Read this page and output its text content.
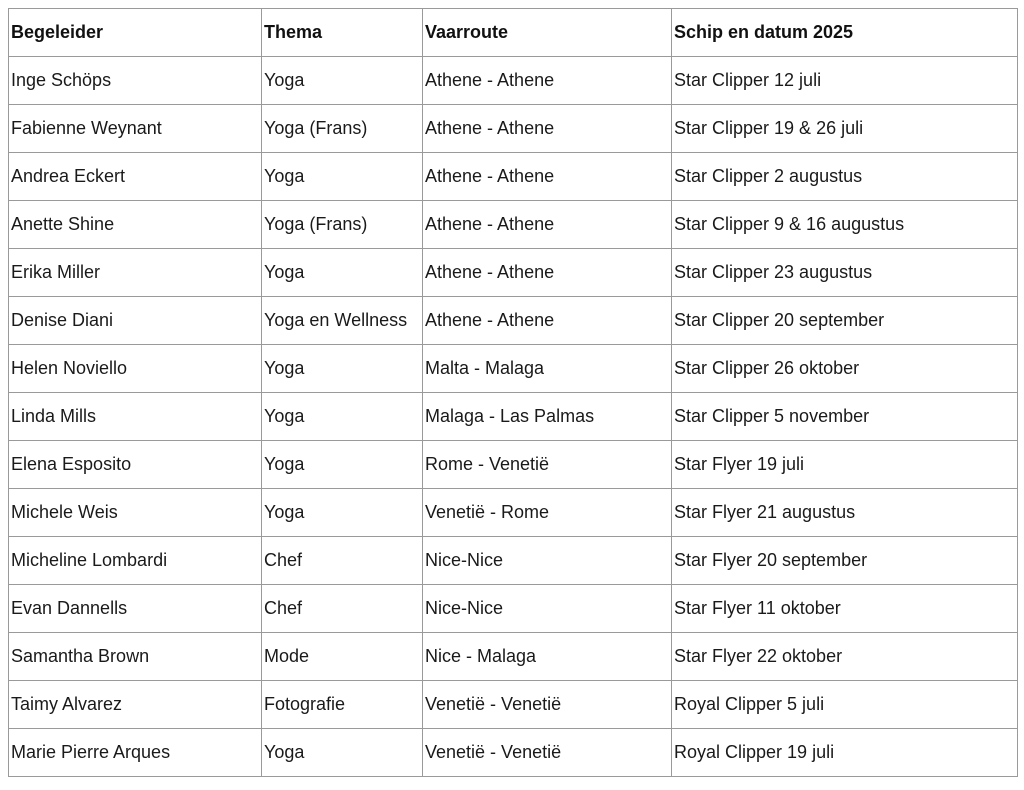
Begeleider	Thema	Vaarroute	Schip en datum 2025
Inge Schöps	Yoga	Athene - Athene	Star Clipper 12 juli
Fabienne Weynant	Yoga (Frans)	Athene - Athene	Star Clipper 19 & 26 juli
Andrea Eckert	Yoga	Athene - Athene	Star Clipper 2 augustus
Anette Shine	Yoga (Frans)	Athene - Athene	Star Clipper 9 & 16 augustus
Erika Miller	Yoga	Athene - Athene	Star Clipper 23 augustus
Denise Diani	Yoga en Wellness	Athene - Athene	Star Clipper 20 september
Helen Noviello	Yoga	Malta - Malaga	Star Clipper 26 oktober
Linda Mills	Yoga	Malaga - Las Palmas	Star Clipper 5 november
Elena Esposito	Yoga	Rome - Venetië	Star Flyer 19 juli
Michele Weis	Yoga	Venetië - Rome	Star Flyer 21 augustus
Micheline Lombardi	Chef	Nice-Nice	Star Flyer 20 september
Evan Dannells	Chef	Nice-Nice	Star Flyer 11 oktober
Samantha Brown	Mode	Nice - Malaga	Star Flyer 22 oktober
Taimy Alvarez	Fotografie	Venetië - Venetië	Royal Clipper 5 juli
Marie Pierre Arques	Yoga	Venetië - Venetië	Royal Clipper 19 juli
